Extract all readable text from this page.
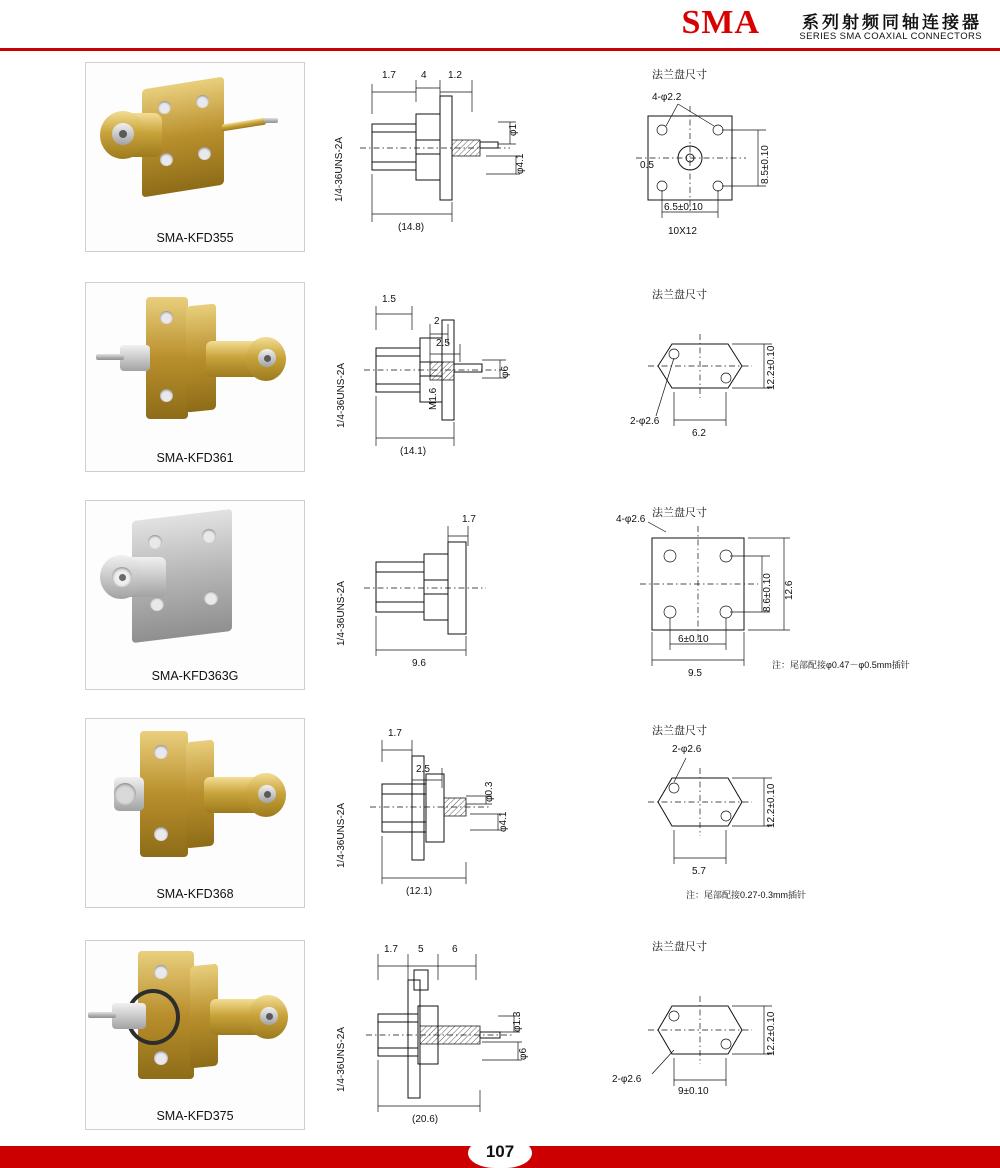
SMA 系列射频同轴连接器
SERIES SMA COAXIAL CONNECTORS
SMA-KFD355
1.7	4 1.2
φ1
φ4.1
1/4-36UNS-2A
(14.8)
法兰盘尺寸
4-φ2.2
0.5	8.5±0.10
6.5±0.10
10X12
SMA-KFD361
1.5
2
2.5
φ6
1/4-36UNS-2A	M1.6
(14.1)
法兰盘尺寸
12.2±0.10
2-φ2.6
6.2
SMA-KFD363G
1.7
1/4-36UNS-2A
9.6
法兰盘尺寸
4-φ2.6
8.6±0.10 12.6
6±0.10
9.5
注：尾部配接φ0.47－φ0.5mm插针
SMA-KFD368
1.7
2.5
φ0.3
φ4.1
1/4-36UNS-2A
(12.1)
法兰盘尺寸
2-φ2.6
12.2±0.10
5.7
注：尾部配接0.27-0.3mm插针
SMA-KFD375
1.7 5	6
φ1.3
φ6
1/4-36UNS-2A
(20.6)
法兰盘尺寸
12.2±0.10
2-φ2.6
9±0.10
107
